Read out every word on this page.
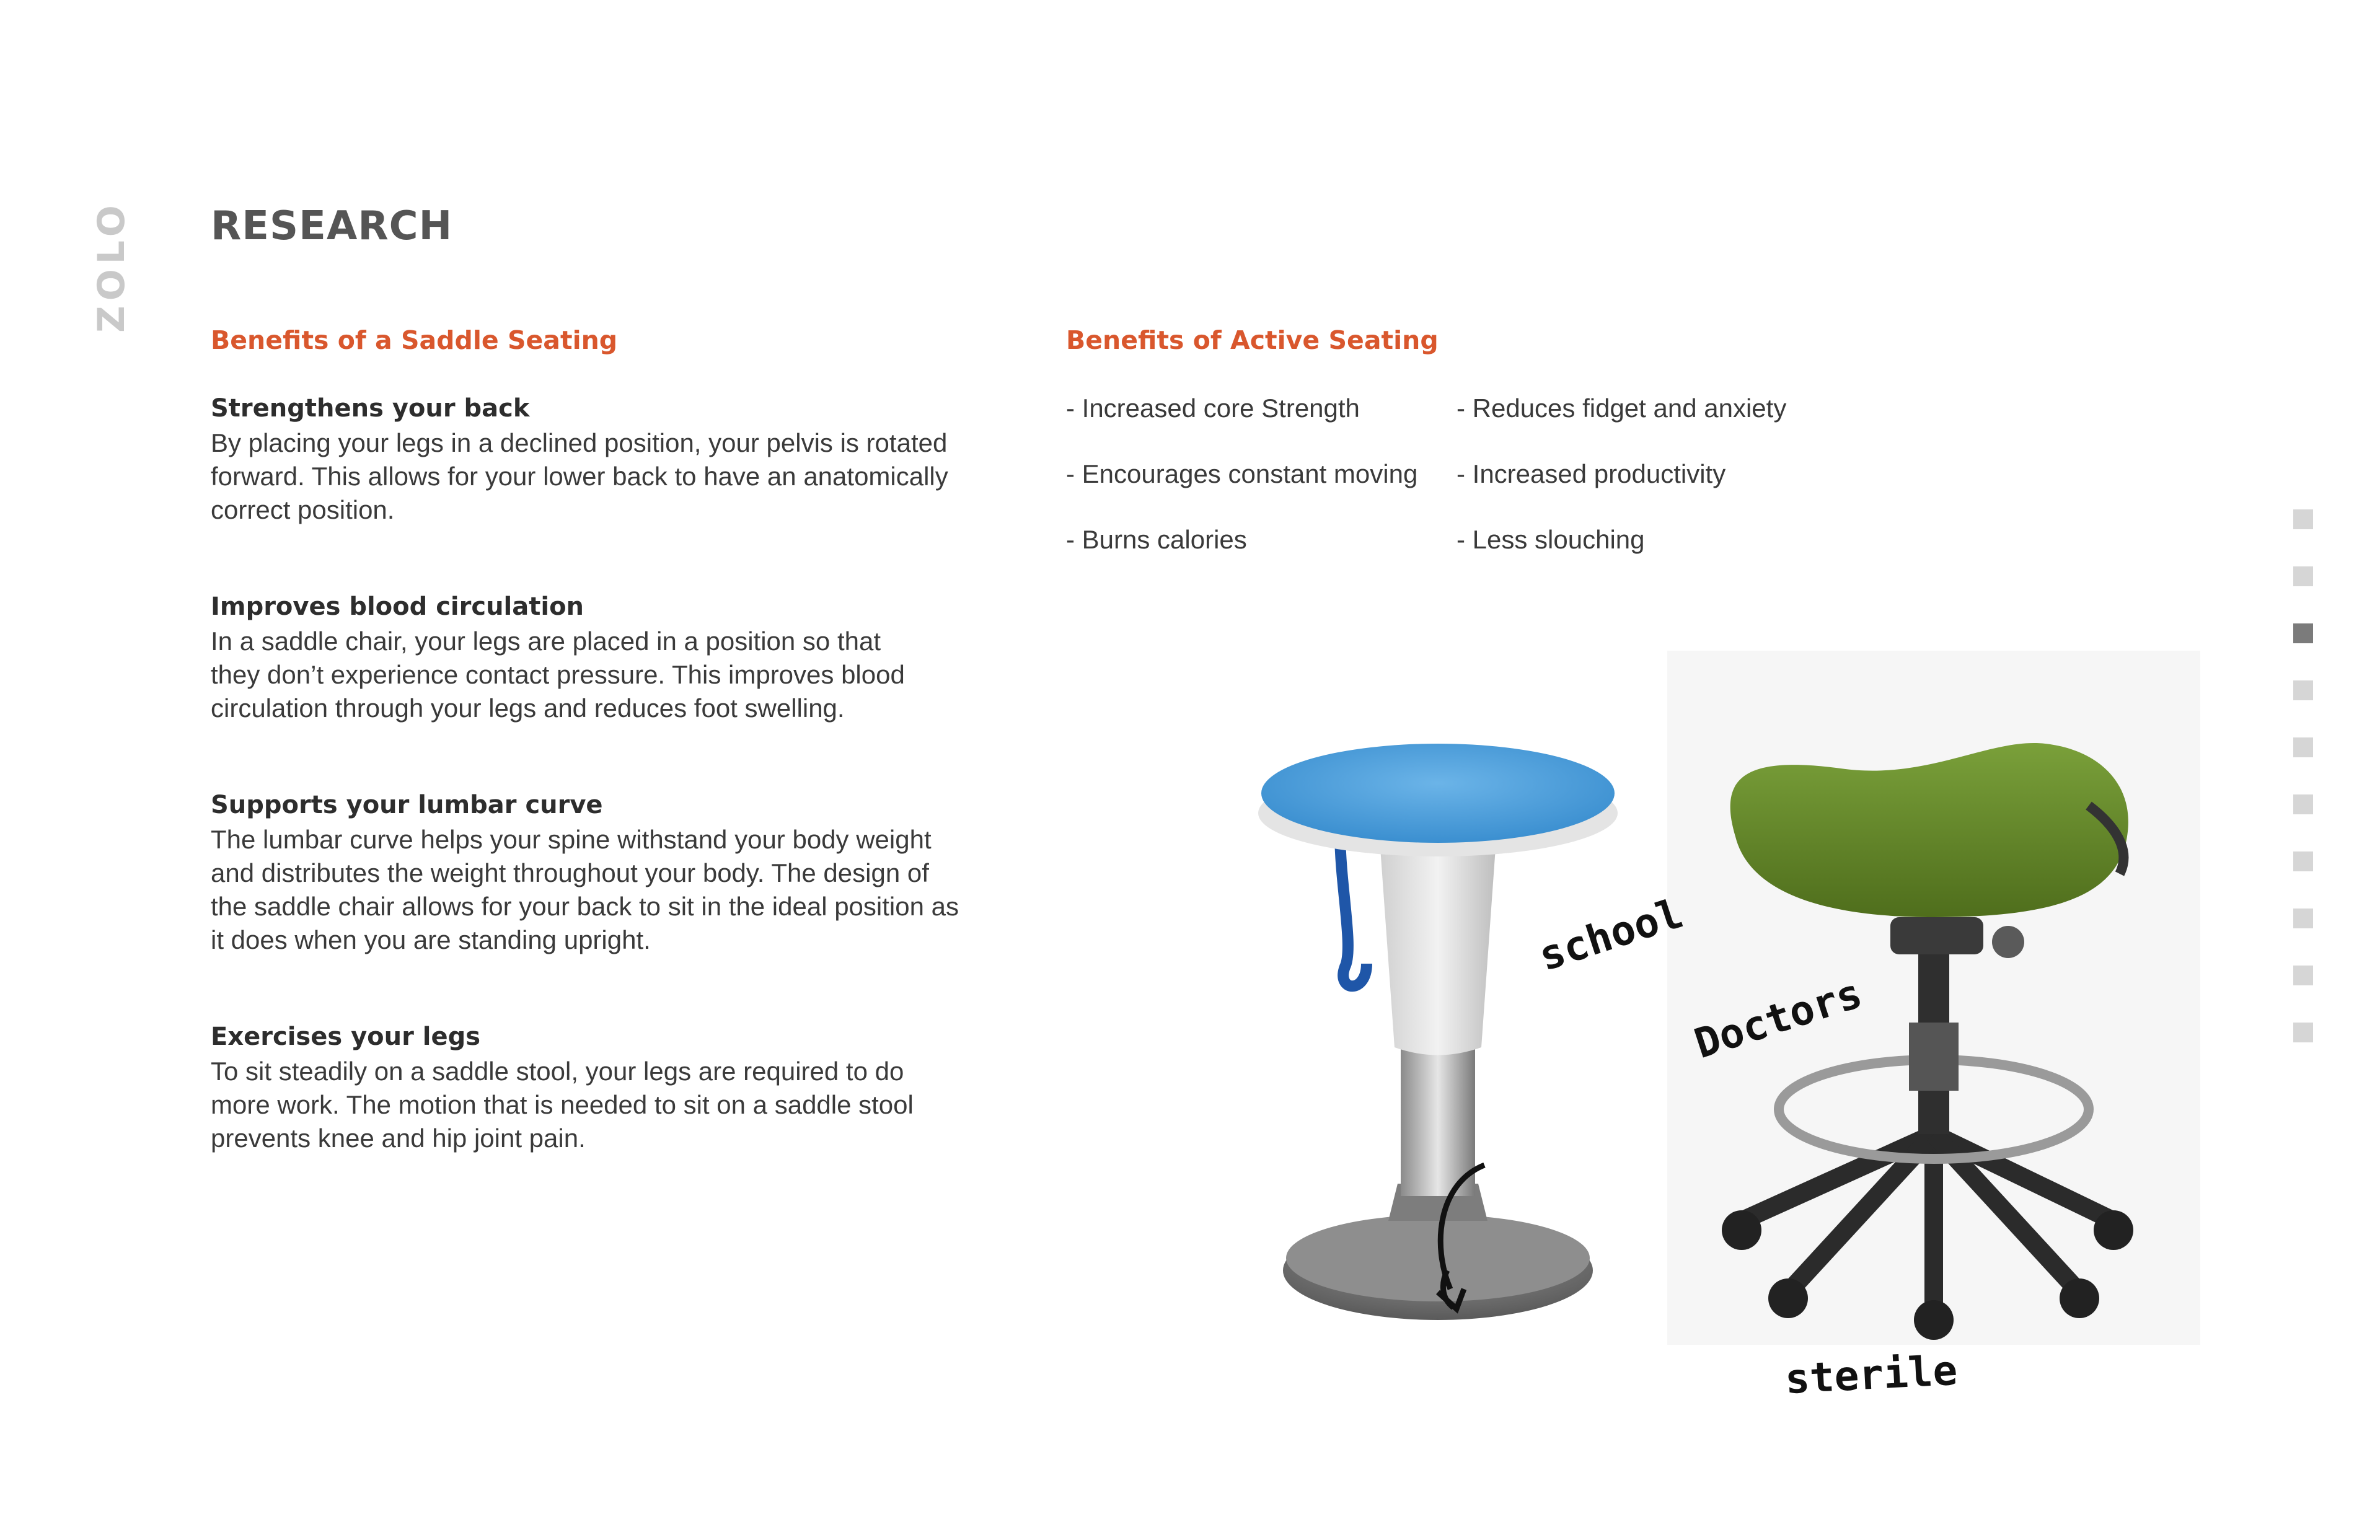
ZOLO RESEARCH
Benefits of a Saddle Seating
Strengthens your back

By placing your legs in a declined position, your pelvis is rotated
forward. This allows for your lower back to have an anatomically
correct position.

Improves blood circulation

In a saddle chair, your legs are placed in a position so that
they don’t experience contact pressure. This improves blood
circulation through your legs and reduces foot swelling.

Supports your lumbar curve

The lumbar curve helps your spine withstand your body weight
and distributes the weight throughout your body. The design of
the saddle chair allows for your back to sit in the ideal position as
it does when you are standing upright.

Exercises your legs

To sit steadily on a saddle stool, your legs are required to do
more work. The motion that is needed to sit on a saddle stool
prevents knee and hip joint pain.

Benefits of Active Seating
- Increased core Strength	- Reduces fidget and anxiety
- Encourages constant moving	- Increased productivity
- Burns calories	- Less slouching
school
Doctors
sterile
